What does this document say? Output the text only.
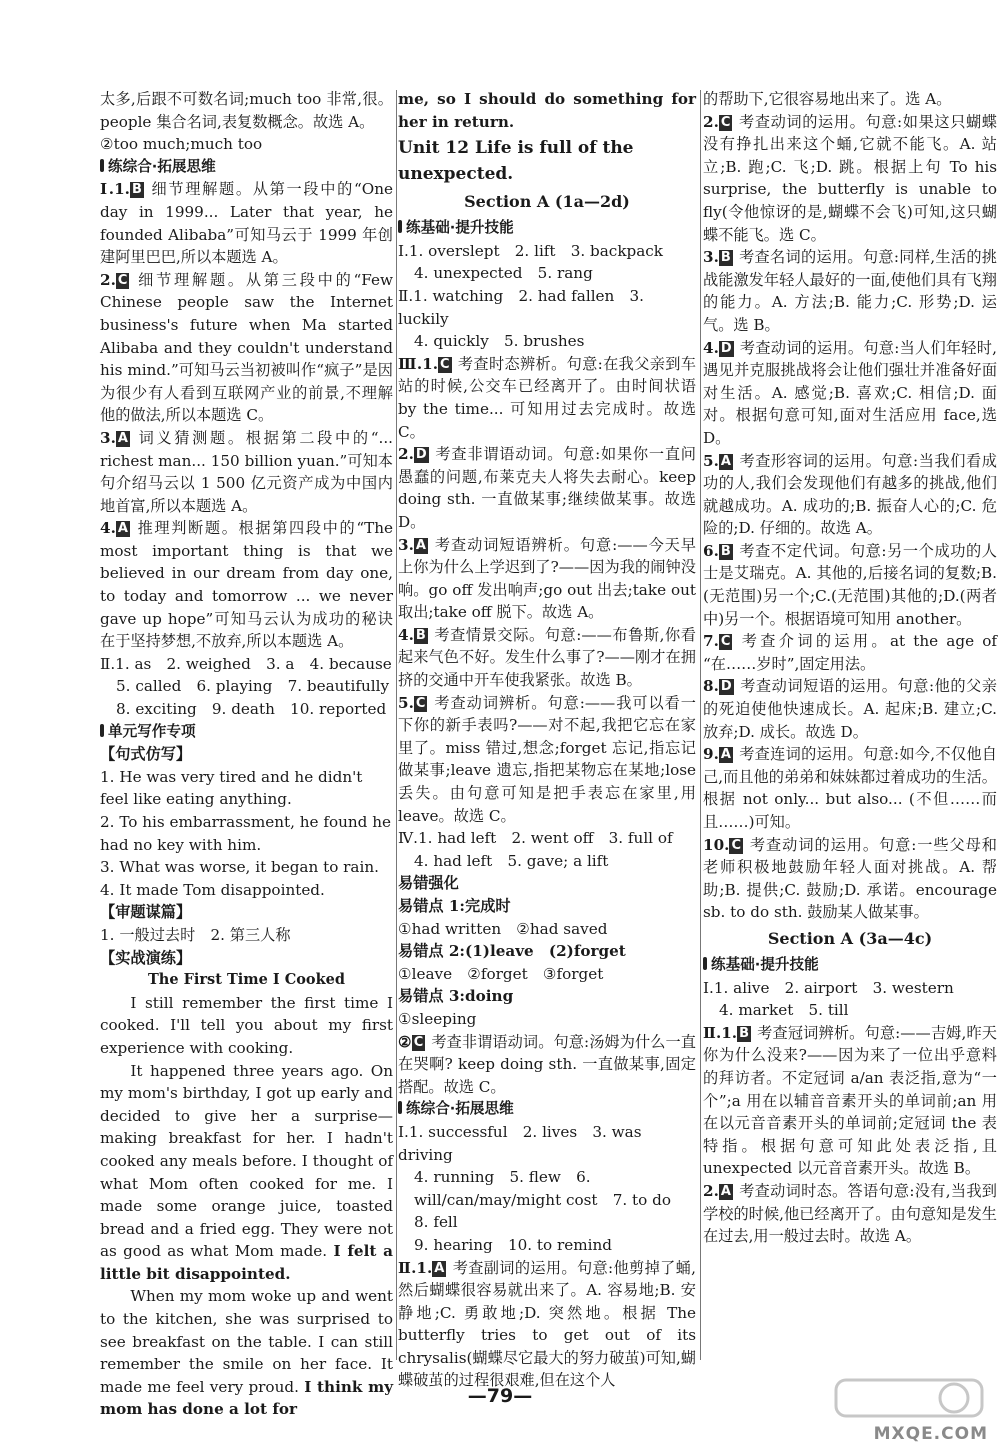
太多,后跟不可数名词;much too 非常,很。people 集合名词,表复数概念。故选 A。

②too much;much too

练综合·拓展思维

Ⅰ.1. B 细节理解题。从第一段中的“One day in 1999... Later that year, he founded Alibaba”可知马云于 1999 年创建阿里巴巴,所以本题选 A。

2. C 细节理解题。从第三段中的“Few Chinese people saw the Internet business's future when Ma started Alibaba and they couldn't understand his mind.”可知马云当初被叫作“疯子”是因为很少有人看到互联网产业的前景,不理解他的做法,所以本题选 C。

3. A 词义猜测题。根据第二段中的“... richest man... 150 billion yuan.”可知本句介绍马云以 1 500 亿元资产成为中国内地首富,所以本题选 A。

4. A 推理判断题。根据第四段中的“The most important thing is that we believed in our dream from day one, to today and tomorrow ... we never gave up hope”可知马云认为成功的秘诀在于坚持梦想,不放弃,所以本题选 A。

Ⅱ.1. as　2. weighed　3. a　4. because

5. called　6. playing　7. beautifully

8. exciting　9. death　10. reported

单元写作专项

【句式仿写】

1. He was very tired and he didn't feel like eating anything.

2. To his embarrassment, he found he had no key with him.

3. What was worse, it began to rain.

4. It made Tom disappointed.

【审题谋篇】

1. 一般过去时　2. 第三人称

【实战演练】

The First Time I Cooked

I still remember the first time I cooked. I'll tell you about my first experience with cooking.

It happened three years ago. On my mom's birthday, I got up early and decided to give her a surprise—making breakfast for her. I hadn't cooked any meals before. I thought of what Mom often cooked for me. I made some orange juice, toasted bread and a fried egg. They were not as good as what Mom made. I felt a little bit disappointed.

When my mom woke up and went to the kitchen, she was surprised to see breakfast on the table. I can still remember the smile on her face. It made me feel very proud. I think my mom has done a lot for

me, so I should do something for her in return.

Unit 12 Life is full of the unexpected.

Section A (1a—2d)

练基础·提升技能

Ⅰ.1. overslept　2. lift　3. backpack

4. unexpected　5. rang

Ⅱ.1. watching　2. had fallen　3. luckily

4. quickly　5. brushes

Ⅲ.1. C 考查时态辨析。句意:在我父亲到车站的时候,公交车已经离开了。由时间状语 by the time... 可知用过去完成时。故选 C。

2. D 考查非谓语动词。句意:如果你一直问愚蠢的问题,布莱克夫人将失去耐心。keep doing sth. 一直做某事;继续做某事。故选 D。

3. A 考查动词短语辨析。句意:——今天早上你为什么上学迟到了?——因为我的闹钟没响。go off 发出响声;go out 出去;take out 取出;take off 脱下。故选 A。

4. B 考查情景交际。句意:——布鲁斯,你看起来气色不好。发生什么事了?——刚才在拥挤的交通中开车使我紧张。故选 B。

5. C 考查动词辨析。句意:——我可以看一下你的新手表吗?——对不起,我把它忘在家里了。miss 错过,想念;forget 忘记,指忘记做某事;leave 遗忘,指把某物忘在某地;lose 丢失。由句意可知是把手表忘在家里,用 leave。故选 C。

Ⅳ.1. had left　2. went off　3. full of

4. had left　5. gave; a lift

易错强化

易错点 1:完成时

①had written　②had saved

易错点 2:(1)leave　(2)forget

①leave　②forget　③forget

易错点 3:doing

①sleeping

② C 考查非谓语动词。句意:汤姆为什么一直在哭啊? keep doing sth. 一直做某事,固定搭配。故选 C。

练综合·拓展思维

Ⅰ.1. successful　2. lives　3. was driving

4. running　5. flew　6. will/can/may/might cost　7. to do　8. fell

9. hearing　10. to remind

Ⅱ.1. A 考查副词的运用。句意:他剪掉了蛹,然后蝴蝶很容易就出来了。A. 容易地;B. 安静地;C. 勇敢地;D. 突然地。根据 The butterfly tries to get out of its chrysalis(蝴蝶尽它最大的努力破茧)可知,蝴蝶破茧的过程很艰难,但在这个人

的帮助下,它很容易地出来了。选 A。

2. C 考查动词的运用。句意:如果这只蝴蝶没有挣扎出来这个蛹,它就不能飞。A. 站立;B. 跑;C. 飞;D. 跳。根据上句 To his surprise, the butterfly is unable to fly(令他惊讶的是,蝴蝶不会飞)可知,这只蝴蝶不能飞。选 C。

3. B 考查名词的运用。句意:同样,生活的挑战能激发年轻人最好的一面,使他们具有飞翔的能力。A. 方法;B. 能力;C. 形势;D. 运气。选 B。

4. D 考查动词的运用。句意:当人们年轻时,遇见并克服挑战将会让他们强壮并准备好面对生活。A. 感觉;B. 喜欢;C. 相信;D. 面对。根据句意可知,面对生活应用 face,选 D。

5. A 考查形容词的运用。句意:当我们看成功的人,我们会发现他们有越多的挑战,他们就越成功。A. 成功的;B. 振奋人心的;C. 危险的;D. 仔细的。故选 A。

6. B 考查不定代词。句意:另一个成功的人士是艾瑞克。A. 其他的,后接名词的复数;B.(无范围)另一个;C.(无范围)其他的;D.(两者中)另一个。根据语境可知用 another。

7. C 考查介词的运用。at the age of “在……岁时”,固定用法。

8. D 考查动词短语的运用。句意:他的父亲的死迫使他快速成长。A. 起床;B. 建立;C. 放弃;D. 成长。故选 D。

9. A 考查连词的运用。句意:如今,不仅他自己,而且他的弟弟和妹妹都过着成功的生活。根据 not only... but also... (不但……而且……)可知。

10. C 考查动词的运用。句意:一些父母和老师积极地鼓励年轻人面对挑战。A. 帮助;B. 提供;C. 鼓励;D. 承诺。encourage sb. to do sth. 鼓励某人做某事。

Section A (3a—4c)

练基础·提升技能

Ⅰ.1. alive　2. airport　3. western

4. market　5. till

Ⅱ.1. B 考查冠词辨析。句意:——吉姆,昨天你为什么没来?——因为来了一位出乎意料的拜访者。不定冠词 a/an 表泛指,意为“一个”;a 用在以辅音音素开头的单词前;an 用在以元音音素开头的单词前;定冠词 the 表特指。根据句意可知此处表泛指,且 unexpected 以元音音素开头。故选 B。

2. A 考查动词时态。答语句意:没有,当我到学校的时候,他已经离开了。由句意知是发生在过去,用一般过去时。故选 A。

—79—
MXQE.COM
